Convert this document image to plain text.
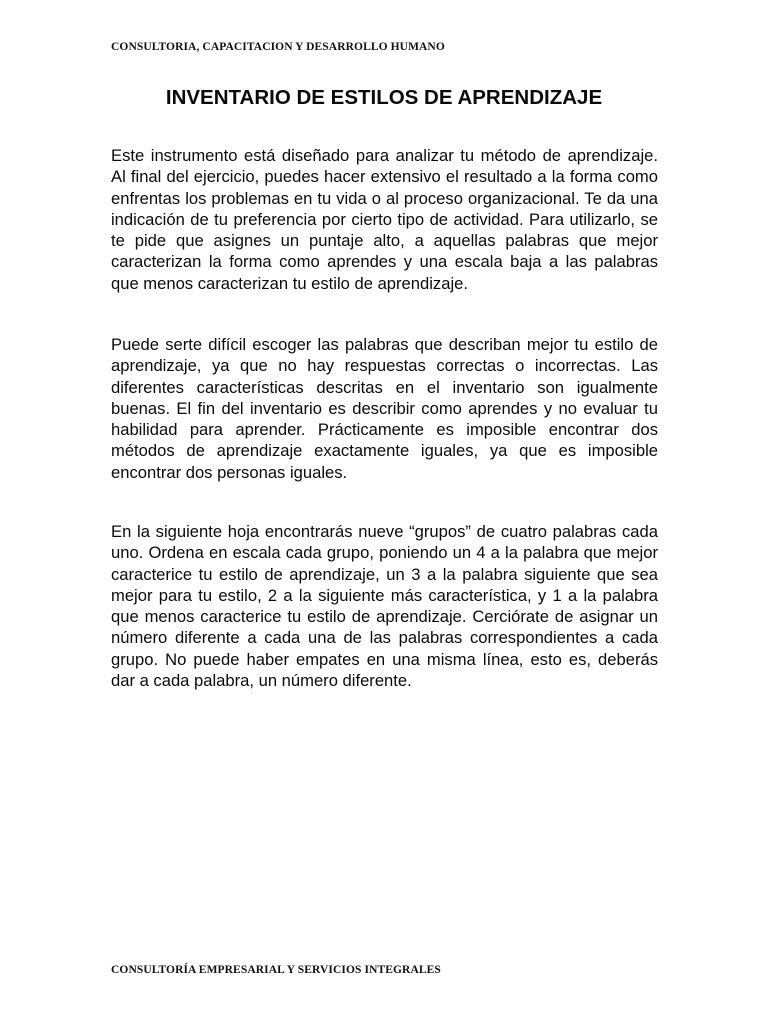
CONSULTORIA, CAPACITACION Y DESARROLLO HUMANO
INVENTARIO DE ESTILOS DE APRENDIZAJE

Este instrumento está diseñado para analizar tu método de aprendizaje. Al final del ejercicio, puedes hacer extensivo el resultado a la forma como enfrentas los problemas en tu vida o al proceso organizacional. Te da una indicación de tu preferencia por cierto tipo de actividad. Para utilizarlo, se te pide que asignes un puntaje alto, a aquellas palabras que mejor caracterizan la forma como aprendes y una escala baja a las palabras que menos caracterizan tu estilo de aprendizaje.

Puede serte difícil escoger las palabras que describan mejor tu estilo de aprendizaje, ya que no hay respuestas correctas o incorrectas. Las diferentes características descritas en el inventario son igualmente buenas. El fin del inventario es describir como aprendes y no evaluar tu habilidad para aprender. Prácticamente es imposible encontrar dos métodos de aprendizaje exactamente iguales, ya que es imposible encontrar dos personas iguales.

En la siguiente hoja encontrarás nueve “grupos” de cuatro palabras cada uno. Ordena en escala cada grupo, poniendo un 4 a la palabra que mejor caracterice tu estilo de aprendizaje, un 3 a la palabra siguiente que sea mejor para tu estilo, 2 a la siguiente más característica, y 1 a la palabra que menos caracterice tu estilo de aprendizaje. Cerciórate de asignar un número diferente a cada una de las palabras correspondientes a cada grupo. No puede haber empates en una misma línea, esto es, deberás dar a cada palabra, un número diferente.

CONSULTORÍA EMPRESARIAL Y SERVICIOS INTEGRALES
